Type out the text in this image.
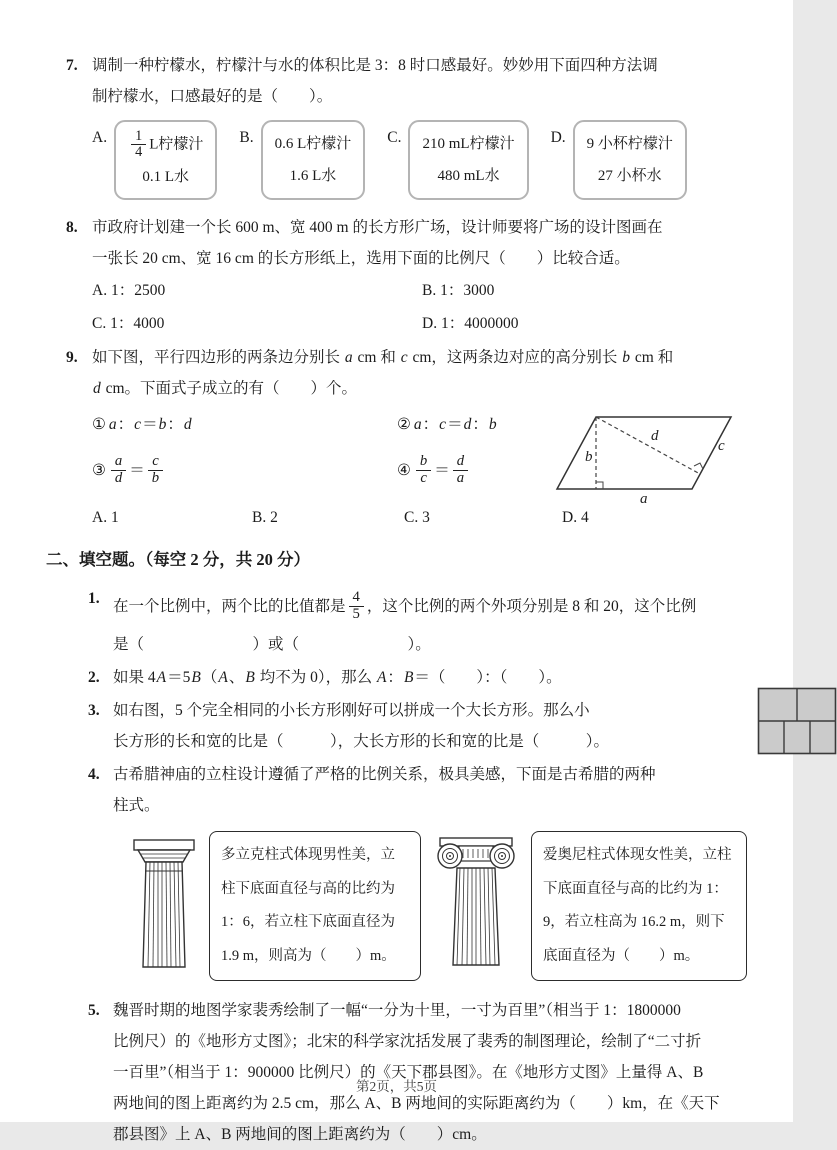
7. 调制一种柠檬水，柠檬汁与水的体积比是 3：8 时口感最好。妙妙用下面四种方法调
制柠檬水，口感最好的是（　　）。
A. $\frac{1}{4}$ L柠檬汁
0.1 L水
B. 0.6 L柠檬汁
1.6 L水
C. 210 mL柠檬汁
480 mL水
D. 9 小杯柠檬汁
27 小杯水
8. 市政府计划建一个长 600 m、宽 400 m 的长方形广场，设计师要将广场的设计图画在
一张长 20 cm、宽 16 cm 的长方形纸上，选用下面的比例尺（　　）比较合适。
A. 1：2500	B. 1：3000
C. 1：4000	D. 1：4000000
9. 如下图，平行四边形的两条边分别长 a cm 和 c cm，这两条边对应的高分别长 b cm 和
d cm。下面式子成立的有（　　）个。
① a：c＝b：d	② a：c＝d：b
③ $\frac{a}{d} = \frac{c}{b}$	④ $\frac{b}{c} = \frac{d}{a}$	b
d
c
a
A. 1	B. 2	C. 3	D. 4
二、填空题。（每空 2 分，共 20 分）
1. 在一个比例中，两个比的比值都是 $\frac{4}{5}$ ，这个比例的两个外项分别是 8 和 20，这个比例
是（　　　　　　　）或（　　　　　　　）。
2. 如果 4A＝5B（A、B 均不为 0），那么 A：B＝（　　）：（　　）。
3. 如右图，5 个完全相同的小长方形刚好可以拼成一个大长方形。那么小
长方形的长和宽的比是（　　　），大长方形的长和宽的比是（　　　）。
4. 古希腊神庙的立柱设计遵循了严格的比例关系，极具美感，下面是古希腊的两种
柱式。
多立克柱式体现男性美，立柱下底面直径与高的比约为 1：6，若立柱下底面直径为 1.9 m，则高为（　　）m。
爱奥尼柱式体现女性美，立柱下底面直径与高的比约为 1：9，若立柱高为 16.2 m，则下底面直径为（　　）m。
5. 魏晋时期的地图学家裴秀绘制了一幅“一分为十里，一寸为百里”（相当于 1：1800000
比例尺）的《地形方丈图》；北宋的科学家沈括发展了裴秀的制图理论，绘制了“二寸折
一百里”（相当于 1：900000 比例尺）的《天下郡县图》。在《地形方丈图》上量得 A、B
两地间的图上距离约为 2.5 cm，那么 A、B 两地间的实际距离约为（　　）km，在《天下
郡县图》上 A、B 两地间的图上距离约为（　　）cm。
第2页，共5页
